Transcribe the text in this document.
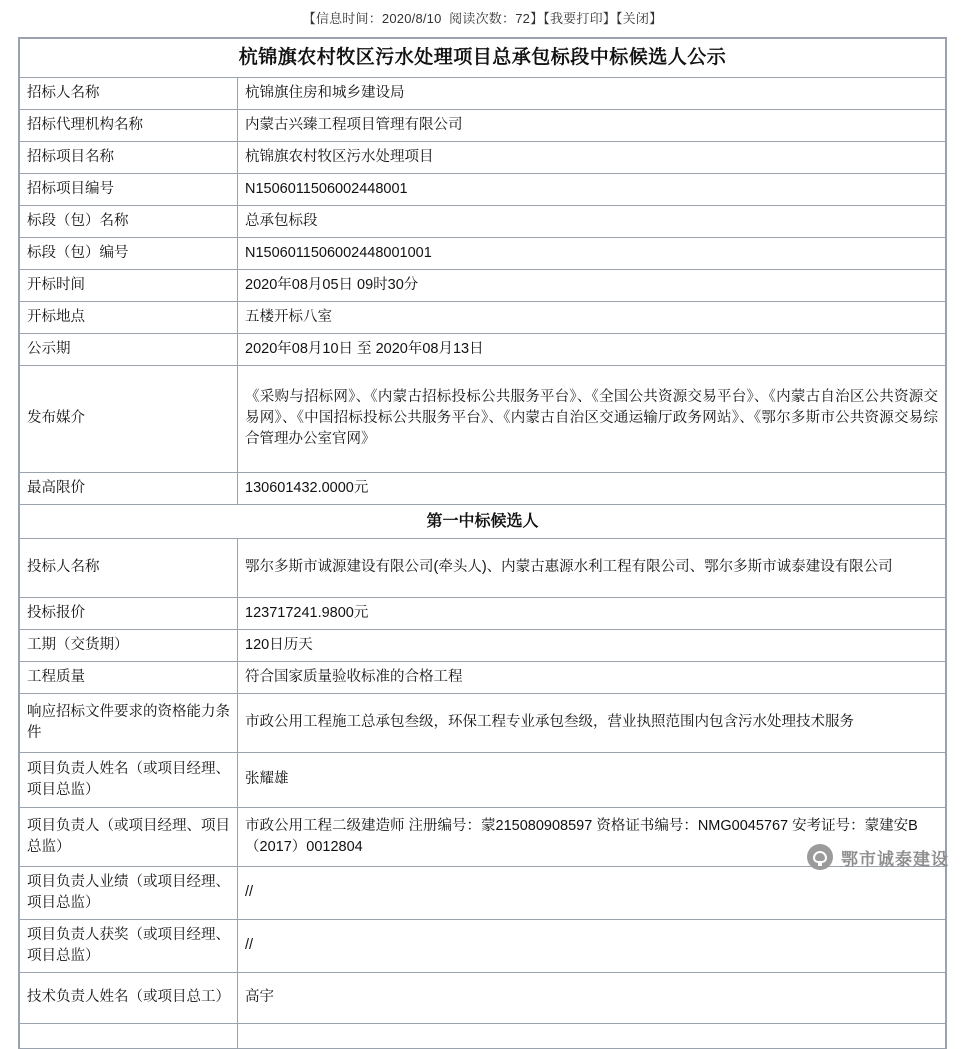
【信息时间：2020/8/10 阅读次数：72】【我要打印】【关闭】
杭锦旗农村牧区污水处理项目总承包标段中标候选人公示	
招标人名称	杭锦旗住房和城乡建设局
招标代理机构名称	内蒙古兴臻工程项目管理有限公司
招标项目名称	杭锦旗农村牧区污水处理项目
招标项目编号	N1506011506002448001
标段（包）名称	总承包标段
标段（包）编号	N1506011506002448001001
开标时间	2020年08月05日 09时30分
开标地点	五楼开标八室
公示期	2020年08月10日 至 2020年08月13日
发布媒介	《采购与招标网》、《内蒙古招标投标公共服务平台》、《全国公共资源交易平台》、《内蒙古自治区公共资源交易网》、《中国招标投标公共服务平台》、《内蒙古自治区交通运输厅政务网站》、《鄂尔多斯市公共资源交易综合管理办公室官网》
最高限价	130601432.0000元
第一中标候选人	
投标人名称	鄂尔多斯市诚源建设有限公司(牵头人)、内蒙古惠源水利工程有限公司、鄂尔多斯市诚泰建设有限公司
投标报价	123717241.9800元
工期（交货期）	120日历天
工程质量	符合国家质量验收标准的合格工程
响应招标文件要求的资格能力条件	市政公用工程施工总承包叁级，环保工程专业承包叁级，营业执照范围内包含污水处理技术服务
项目负责人姓名（或项目经理、项目总监）	张耀雄
项目负责人（或项目经理、项目总监）	市政公用工程二级建造师 注册编号：蒙215080908597 资格证书编号：NMG0045767 安考证号：蒙建安B（2017）0012804
项目负责人业绩（或项目经理、项目总监）	//
项目负责人获奖（或项目经理、项目总监）	//
技术负责人姓名（或项目总工）	高宇

鄂市诚泰建设
